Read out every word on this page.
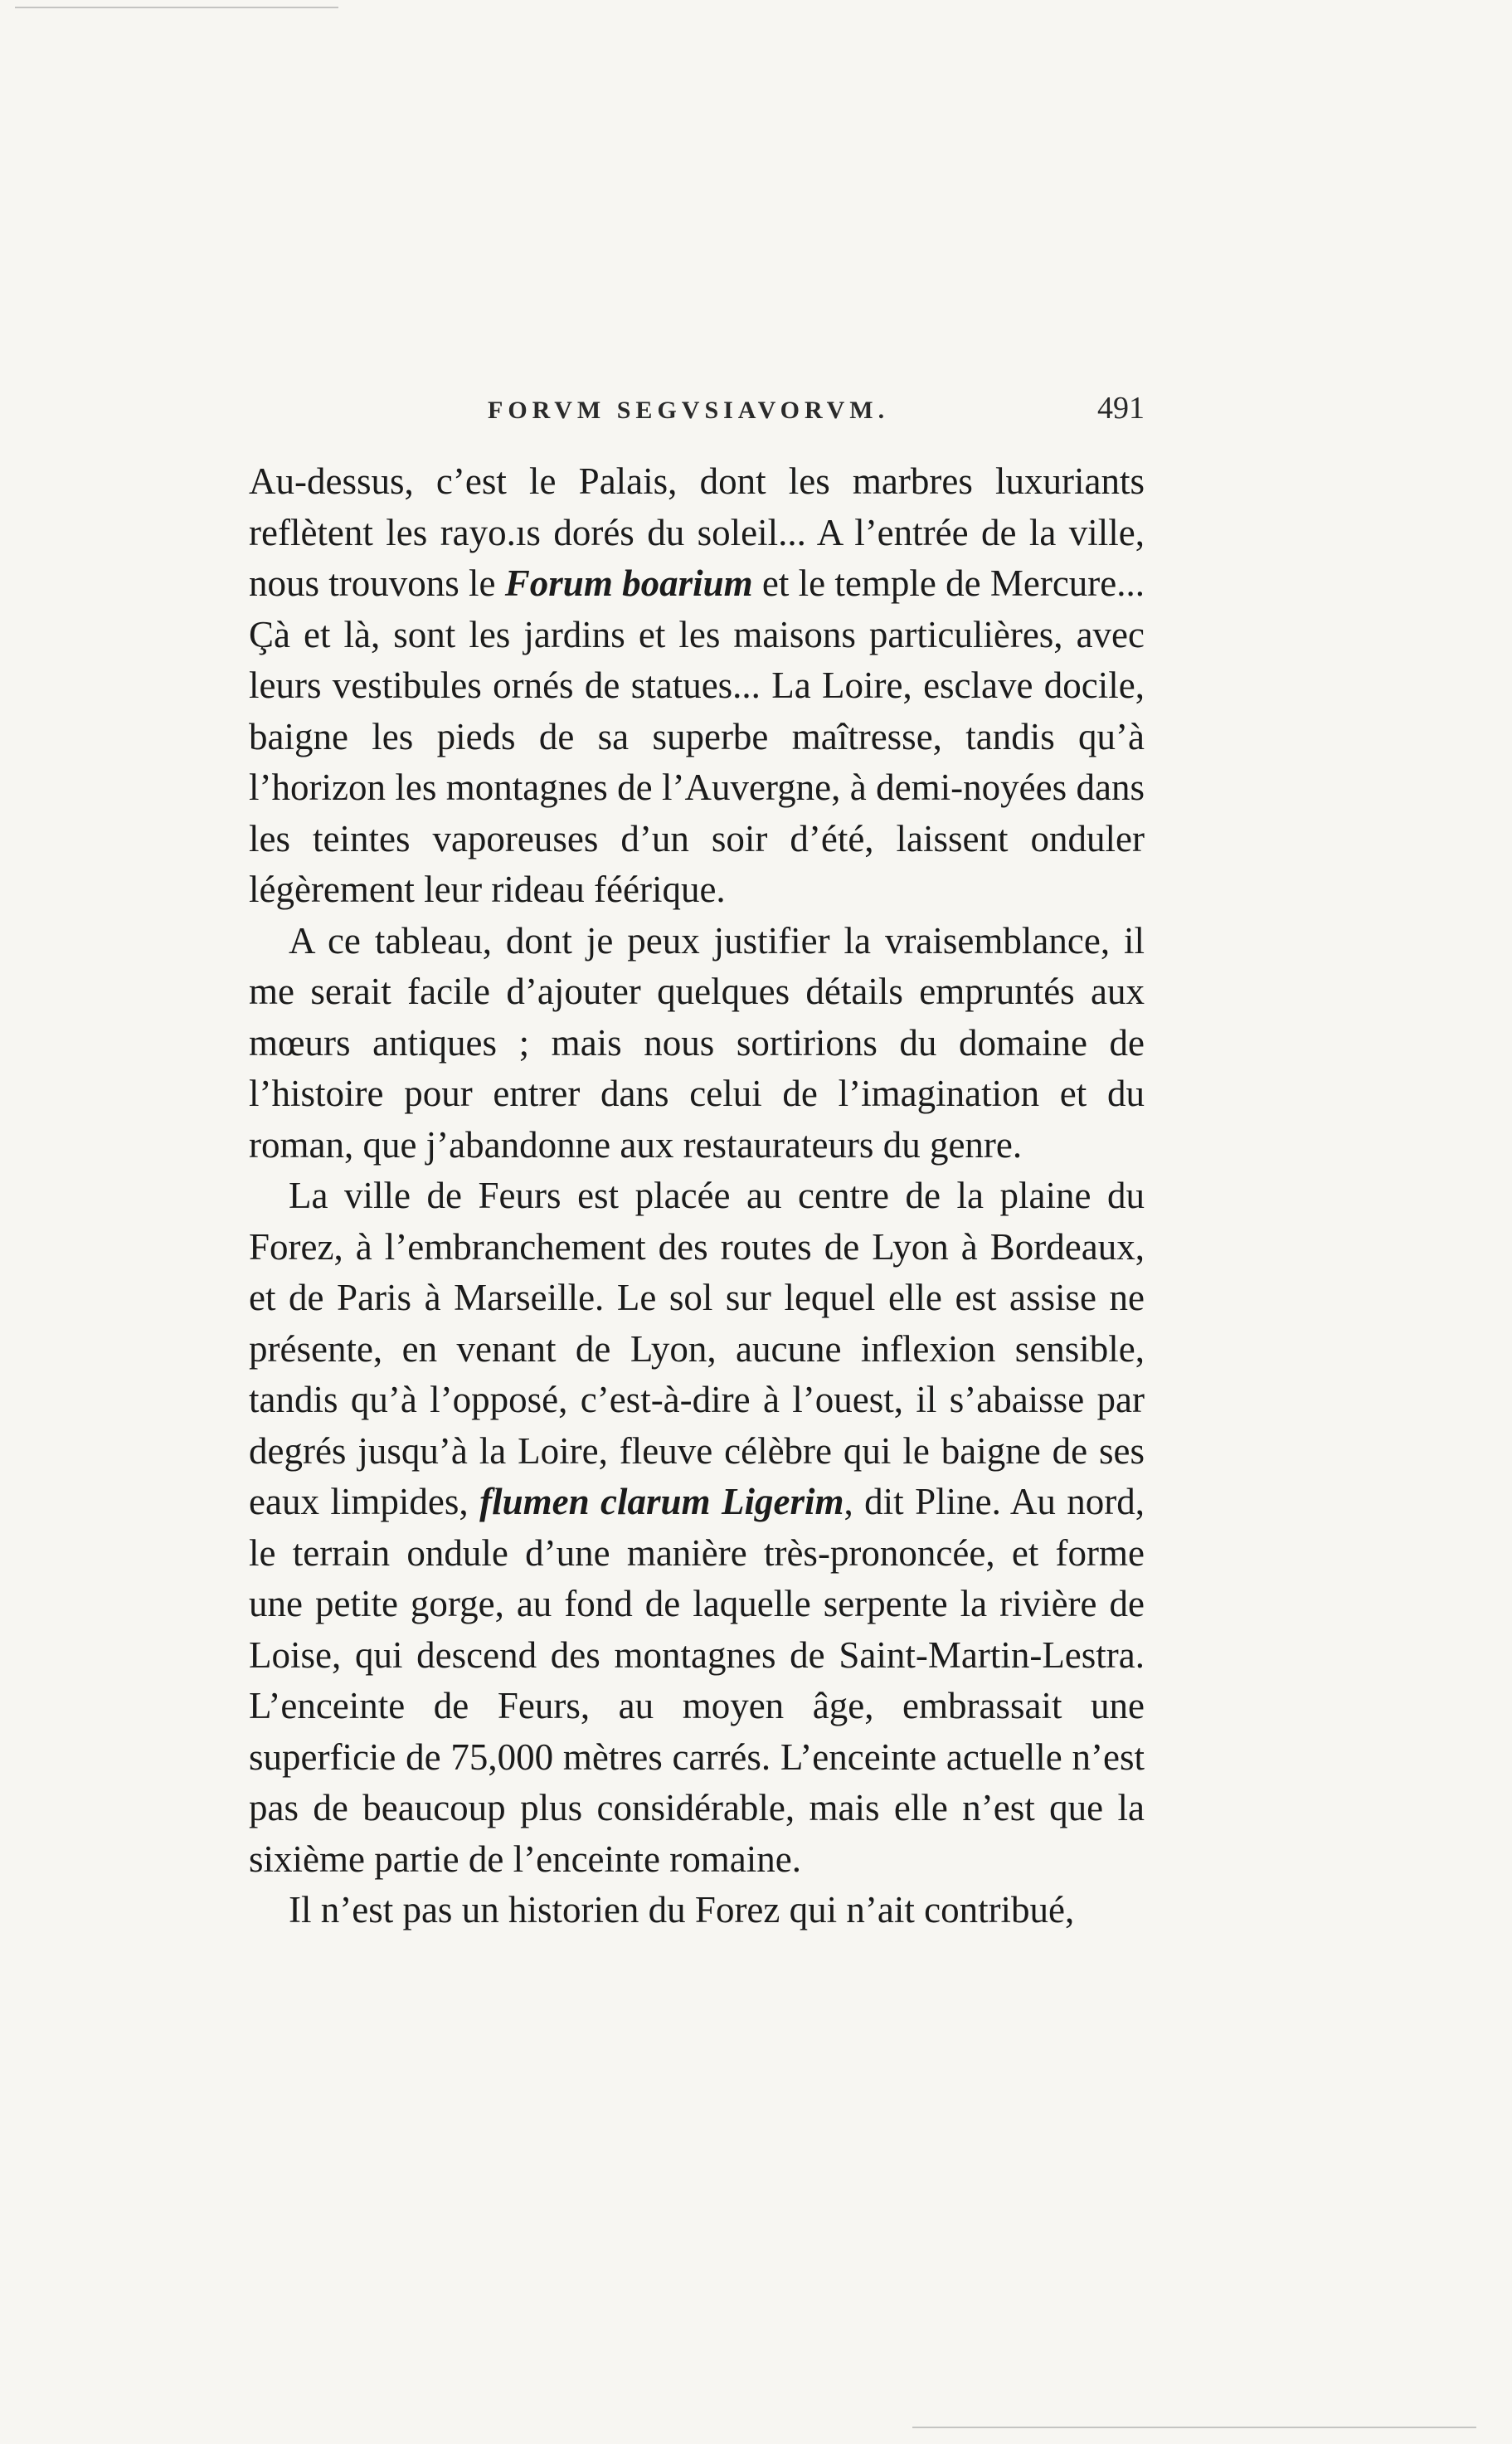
FORVM SEGVSIAVORVM.	491

Au-dessus, c’est le Palais, dont les marbres luxuriants reflètent les rayo.ıs dorés du soleil... A l’entrée de la ville, nous trouvons le Forum boarium et le temple de Mercure... Çà et là, sont les jardins et les maisons particulières, avec leurs vestibules ornés de statues... La Loire, esclave docile, baigne les pieds de sa superbe maîtresse, tandis qu’à l’horizon les montagnes de l’Auvergne, à demi-noyées dans les teintes vaporeuses d’un soir d’été, laissent onduler légèrement leur rideau féérique.

A ce tableau, dont je peux justifier la vraisemblance, il me serait facile d’ajouter quelques détails empruntés aux mœurs antiques ; mais nous sortirions du domaine de l’histoire pour entrer dans celui de l’imagination et du roman, que j’abandonne aux restaurateurs du genre.

La ville de Feurs est placée au centre de la plaine du Forez, à l’embranchement des routes de Lyon à Bordeaux, et de Paris à Marseille. Le sol sur lequel elle est assise ne présente, en venant de Lyon, aucune inflexion sensible, tandis qu’à l’opposé, c’est-à-dire à l’ouest, il s’abaisse par degrés jusqu’à la Loire, fleuve célèbre qui le baigne de ses eaux limpides, flumen clarum Ligerim, dit Pline. Au nord, le terrain ondule d’une manière très-prononcée, et forme une petite gorge, au fond de laquelle serpente la rivière de Loise, qui descend des montagnes de Saint-Martin-Lestra. L’enceinte de Feurs, au moyen âge, embrassait une superficie de 75,000 mètres carrés. L’enceinte actuelle n’est pas de beaucoup plus considérable, mais elle n’est que la sixième partie de l’enceinte romaine.

Il n’est pas un historien du Forez qui n’ait contribué,
